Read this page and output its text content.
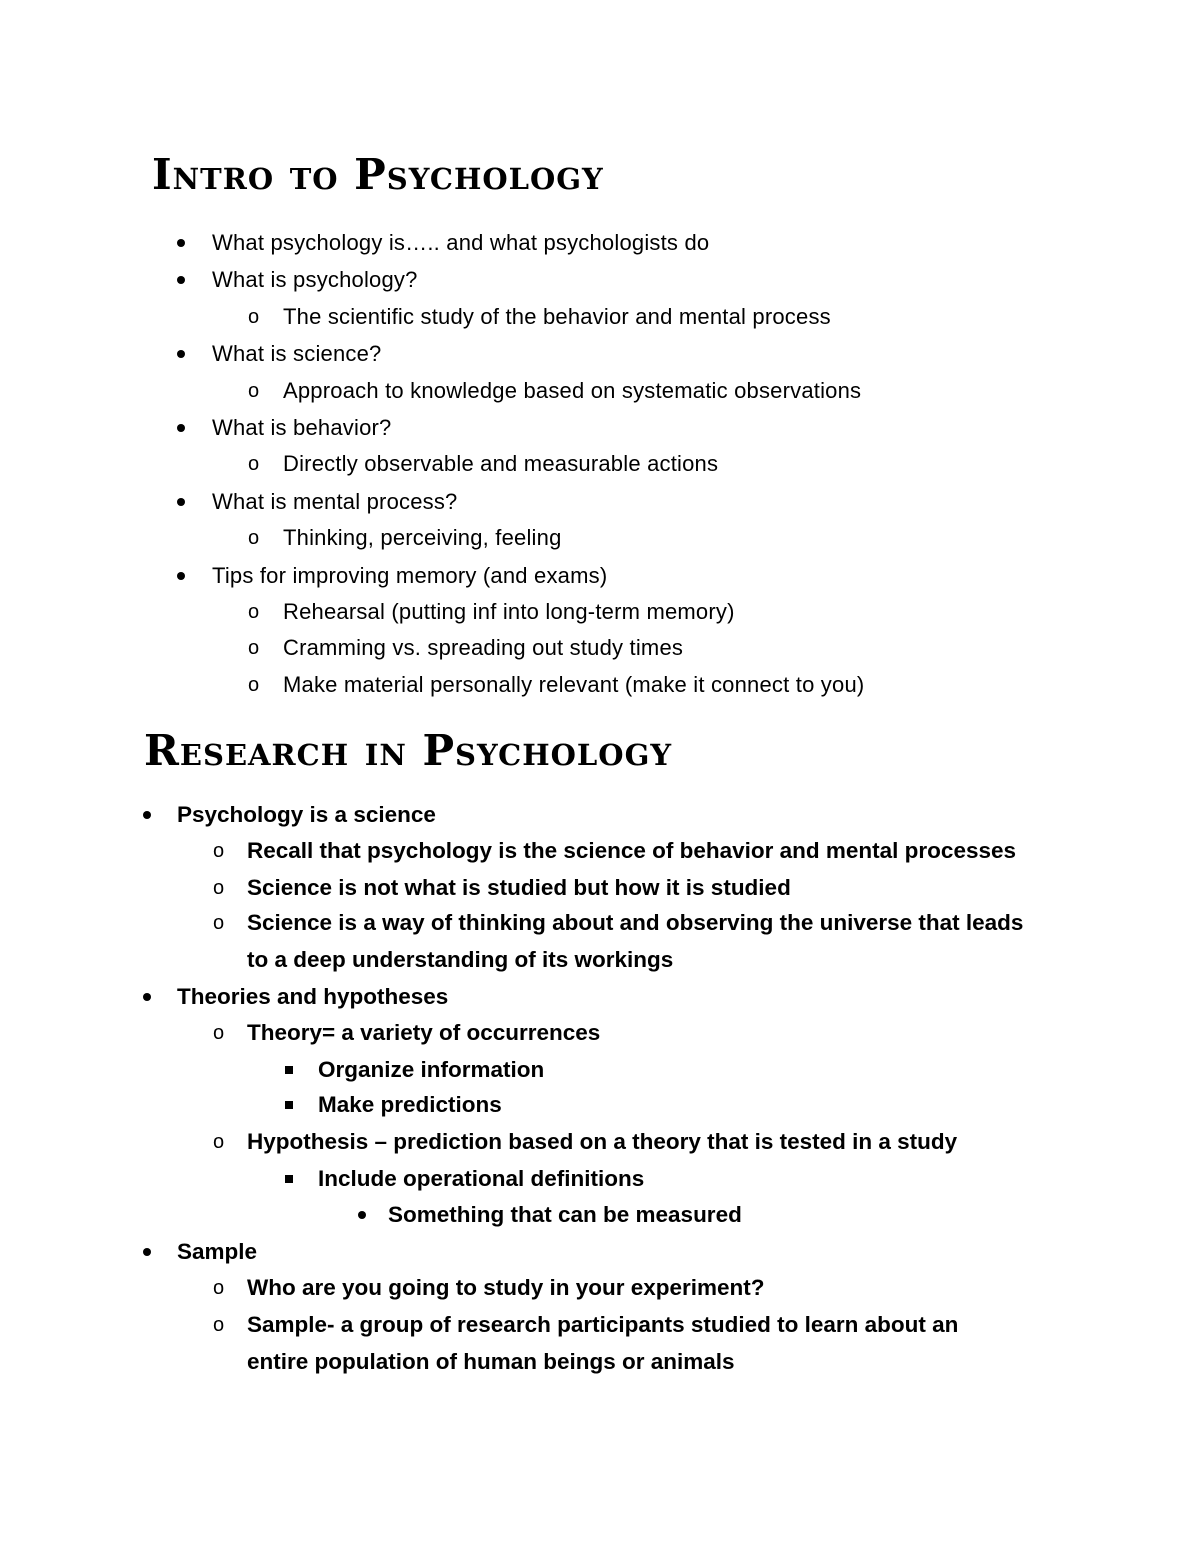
Intro to Psychology
What psychology is….. and what psychologists do
What is psychology?
o The scientific study of the behavior and mental process
What is science?
o Approach to knowledge based on systematic observations
What is behavior?
o Directly observable and measurable actions
What is mental process?
o Thinking, perceiving, feeling
Tips for improving memory (and exams)
o Rehearsal (putting inf into long-term memory)
o Cramming vs. spreading out study times
o Make material personally relevant (make it connect to you)
Research in Psychology
Psychology is a science
o Recall that psychology is the science of behavior and mental processes
o Science is not what is studied but how it is studied
o Science is a way of thinking about and observing the universe that leads
to a deep understanding of its workings
Theories and hypotheses
o Theory= a variety of occurrences
Organize information
Make predictions
o Hypothesis – prediction based on a theory that is tested in a study
Include operational definitions
Something that can be measured
Sample
o Who are you going to study in your experiment?
o Sample- a group of research participants studied to learn about an
entire population of human beings or animals
